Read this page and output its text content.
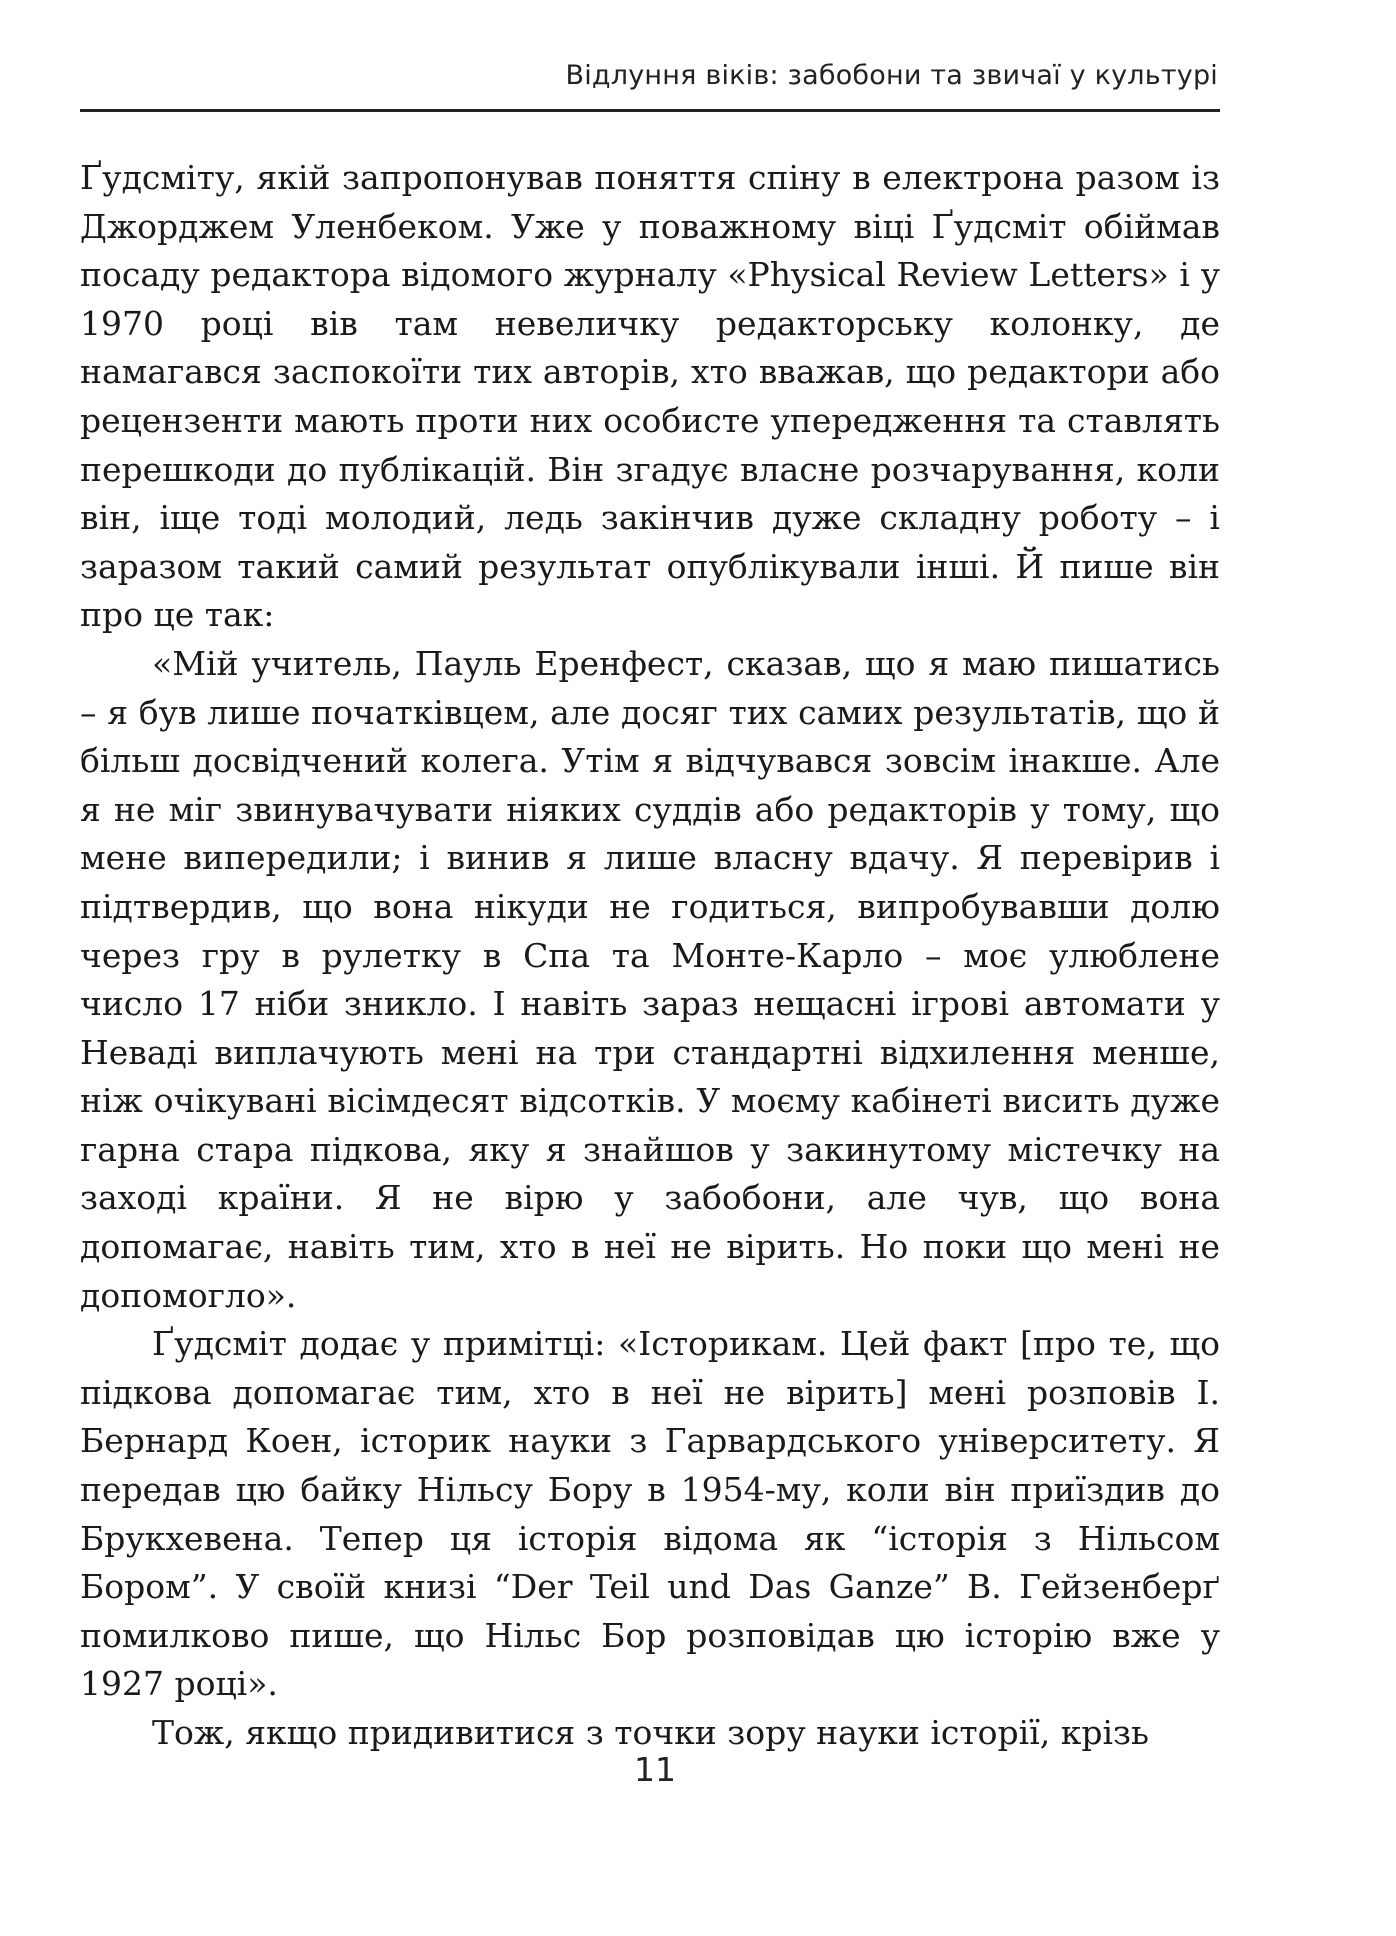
Відлуння віків: забобони та звичаї у культурі

Ґудсміту, якій запропонував поняття спіну в електрона разом із Джорджем Уленбеком. Уже у поважному віці Ґудсміт обіймав посаду редактора відомого журналу «Physical Review Letters» і у 1970 році вів там невеличку редакторську колонку, де намагався заспокоїти тих авторів, хто вважав, що редактори або рецензенти мають проти них особисте упередження та ставлять перешкоди до публікацій. Він згадує власне розчарування, коли він, іще тоді молодий, ледь закінчив дуже складну роботу – і заразом такий самий результат опублікували інші. Й пише він про це так:

«Мій учитель, Пауль Еренфест, сказав, що я маю пишатись – я був лише початківцем, але досяг тих самих результатів, що й більш досвідчений колега. Утім я відчувався зовсім інакше. Але я не міг звинувачувати ніяких суддів або редакторів у тому, що мене випередили; і винив я лише власну вдачу. Я перевірив і підтвердив, що вона нікуди не годиться, випробувавши долю через гру в рулетку в Спа та Монте-Карло – моє улюблене число 17 ніби зникло. І навіть зараз нещасні ігрові автомати у Неваді виплачують мені на три стандартні відхилення менше, ніж очікувані вісімдесят відсотків. У моєму кабінеті висить дуже гарна стара підкова, яку я знайшов у закинутому містечку на заході країни. Я не вірю у забобони, але чув, що вона допомагає, навіть тим, хто в неї не вірить. Но поки що мені не допомогло».

Ґудсміт додає у примітці: «Історикам. Цей факт [про те, що підкова допомагає тим, хто в неї не вірить] мені розповів І. Бернард Коен, історик науки з Гарвардського університету. Я передав цю байку Нільсу Бору в 1954-му, коли він приїздив до Брукхевена. Тепер ця історія відома як “історія з Нільсом Бором”. У своїй книзі “Der Teil und Das Ganze” В. Гейзенберґ помилково пише, що Нільс Бор розповідав цю історію вже у 1927 році».

Тож, якщо придивитися з точки зору науки історії, крізь

11
